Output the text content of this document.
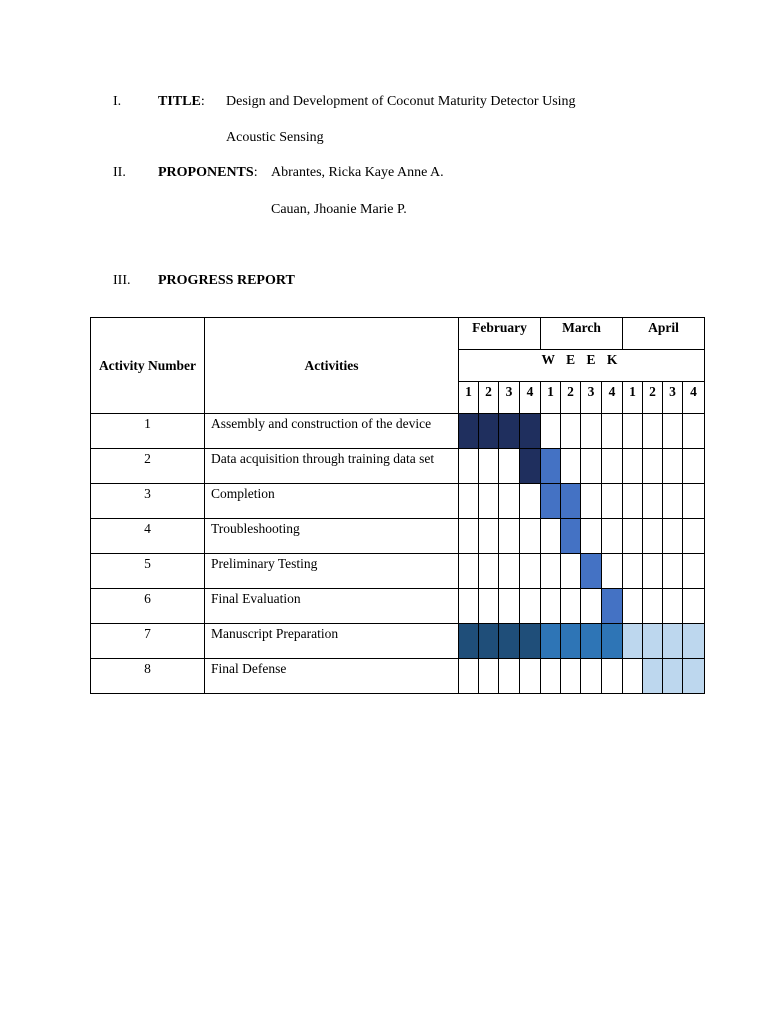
I.	TITLE: Design and Development of Coconut Maturity Detector Using
Acoustic Sensing
II. PROPONENTS: Abrantes, Ricka Kaye Anne A.
Cauan, Jhoanie Marie P.
III. PROGRESS REPORT
Activity Number	Activities	February				March				April			
		W E E K											
		1	2	3	4	1	2	3	4	1	2	3	4
1	Assembly and construction of the device												
2	Data acquisition through training data set												
3	Completion												
4	Troubleshooting												
5	Preliminary Testing												
6	Final Evaluation												
7	Manuscript Preparation												
8	Final Defense												
